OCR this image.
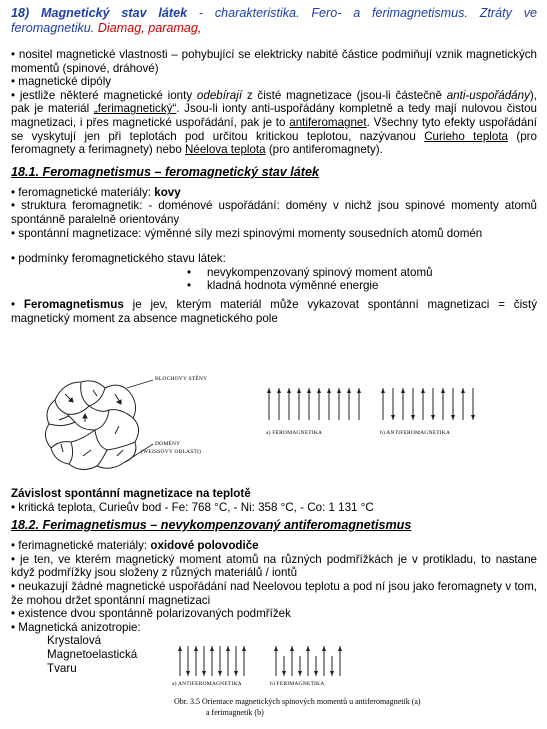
18) Magnetický stav látek - charakteristika. Fero- a ferimagnetismus. Ztráty ve feromagnetiku. Diamag, paramag,

• nositel magnetické vlastnosti – pohybující se elektricky nabité částice podmiňují vznik magnetických momentů (spinové, dráhové)

• magnetické dipóly

• jestliže některé magnetické ionty odebírají z čisté magnetizace (jsou-li částečně anti-uspořádány), pak je materiál „ferimagnetický“. Jsou-li ionty anti-uspořádány kompletně a tedy mají nulovou čistou magnetizaci, i přes magnetické uspořádání, pak je to antiferomagnet. Všechny tyto efekty uspořádání se vyskytují jen při teplotách pod určitou kritickou teplotou, nazývanou Curieho teplota (pro feromagnety a ferimagnety) nebo Néelova teplota (pro antiferomagnety).

18.1. Feromagnetismus – feromagnetický stav látek

• feromagnetické materiály: kovy

• struktura feromagnetik: - doménové uspořádání: domény v nichž jsou spinové momenty atomů spontánně paralelně orientovány

• spontánní magnetizace: výměnné síly mezi spinovými momenty sousedních atomů domén

• podmínky feromagnetického stavu látek:

• nevykompenzovaný spinový moment atomů

• kladná hodnota výměnné energie

• Feromagnetismus je jev, kterým materiál může vykazovat spontánní magnetizaci = čistý magnetický moment za absence magnetického pole

BLOCHOVY STĚNY
DOMÉNY
(WEISSOVY OBLASTI)
a) FEROMAGNETIKA	b) ANTIFEROMAGNETIKA

Závislost spontánní magnetizace na teplotě

• kritická teplota, Curieův bod - Fe: 768 °C, - Ni: 358 °C, - Co: 1 131 °C

18.2. Ferimagnetismus – nevykompenzovaný antiferomagnetismus

• ferimagnetické materiály: oxidové polovodiče

• je ten, ve kterém magnetický moment atomů na různých podmřížkách je v protikladu, to nastane když podmřížky jsou složeny z různých materiálů / iontů

• neukazují žádné magnetické uspořádání nad Neelovou teplotu a pod ní jsou jako feromagnety v tom, že mohou držet spontánní magnetizaci

• existence dvou spontánně polarizovaných podmřížek

• Magnetická anizotropie:

Krystalová

Magnetoelastická

Tvaru

a) ANTIFEROMAGNETIKA	b) FERIMAGNETIKA
Obr. 3.5 Orientace magnetických spinových momentů u antiferomagnetik (a)
a ferimagnetik (b)
